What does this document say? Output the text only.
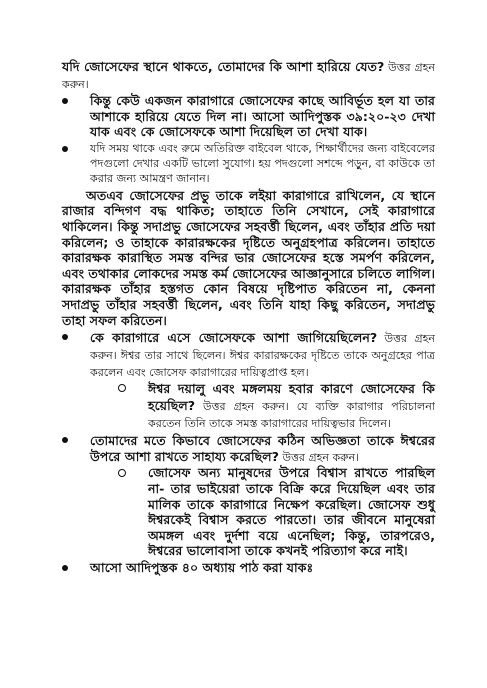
যদি জোসেফের স্থানে থাকতে, তোমাদের কি আশা হারিয়ে যেত? উত্তর গ্রহন করুন।

কিন্তু কেউ একজন কারাগারে জোসেফের কাছে আবির্ভূত হল যা তার আশাকে হারিয়ে যেতে দিল না। আসো আদিপুস্তক ৩৯:২০-২৩ দেখা যাক এবং কে জোসেফকে আশা দিয়েছিল তা দেখা যাক।

যদি সময় থাকে এবং রুমে অতিরিক্ত বাইবেল থাকে, শিক্ষার্থীদের জন্য বাইবেলের পদগুলো দেখার একটি ভালো সুযোগ। হয় পদগুলো সশব্দে পড়ুন, বা কাউকে তা করার জন্য আমন্ত্রণ জানান।

অতএব জোসেফের প্রভু তাকে লইয়া কারাগারে রাখিলেন, যে স্থানে রাজার বন্দিগণ বদ্ধ থাকিত; তাহাতে তিনি সেখানে, সেই কারাগারে থাকিলেন। কিন্তু সদাপ্রভু জোসেফের সহবর্ত্তী ছিলেন, এবং তাঁহার প্রতি দয়া করিলেন; ও তাহাকে কারারক্ষকের দৃষ্টিতে অনুগ্রহপাত্র করিলেন। তাহাতে কারারক্ষক কারাস্থিত সমস্ত বন্দির ভার জোসেফের হস্তে সমর্পণ করিলেন, এবং তথাকার লোকদের সমস্ত কর্ম জোসেফের আজ্ঞানুসারে চলিতে লাগিল। কারারক্ষক তাঁহার হস্তগত কোন বিষয়ে দৃষ্টিপাত করিতেন না, কেননা সদাপ্রভু তাঁহার সহবর্ত্তী ছিলেন, এবং তিনি যাহা কিছু করিতেন, সদাপ্রভু তাহা সফল করিতেন।

কে কারাগারে এসে জোসেফকে আশা জাগিয়েছিলেন? উত্তর গ্রহন করুন। ঈশ্বর তার সাথে ছিলেন। ঈশ্বর কারারক্ষকের দৃষ্টিতে তাকে অনুগ্রহের পাত্র করলেন এবং জোসেফ কারাগারের দায়িত্বপ্রাপ্ত হল।

ঈশ্বর দয়ালু এবং মঙ্গলময় হবার কারণে জোসেফের কি হয়েছিল? উত্তর গ্রহন করুন। যে ব্যক্তি কারাগার পরিচালনা করতেন তিনি তাকে সমস্ত কারাগারের দায়িত্বভার দিলেন।

তোমাদের মতে কিভাবে জোসেফের কঠিন অভিজ্ঞতা তাকে ঈশ্বরের উপরে আশা রাখতে সাহায্য করেছিল? উত্তর গ্রহন করুন।

জোসেফ অন্য মানুষদের উপরে বিশ্বাস রাখতে পারছিল না- তার ভাইয়েরা তাকে বিক্রি করে দিয়েছিল এবং তার মালিক তাকে কারাগারে নিক্ষেপ করেছিল। জোসেফ শুধু ঈশ্বরকেই বিশ্বাস করতে পারতো। তার জীবনে মানুষেরা অমঙ্গল এবং দুর্দশা বয়ে এনেছিল; কিন্তু, তারপরেও, ঈশ্বরের ভালোবাসা তাকে কখনই পরিত্যাগ করে নাই।

আসো আদিপুস্তক ৪০ অধ্যায় পাঠ করা যাকঃ
